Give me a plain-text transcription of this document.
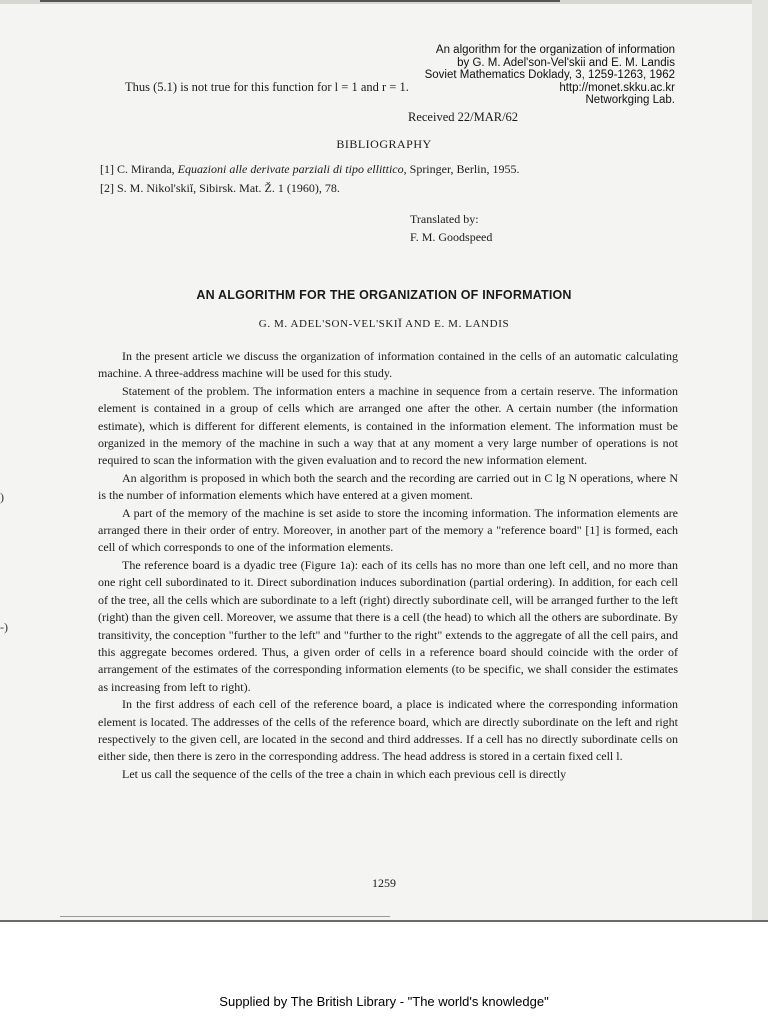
)
-)
An algorithm for the organization of information
by G. M. Adel'son-Vel'skii and E. M. Landis
Soviet Mathematics Doklady, 3, 1259-1263, 1962
http://monet.skku.ac.kr
Networkging Lab.
Thus (5.1) is not true for this function for l = 1 and r = 1.
Received 22/MAR/62
BIBLIOGRAPHY
[1] C. Miranda, Equazioni alle derivate parziali di tipo ellittico, Springer, Berlin, 1955.
[2] S. M. Nikol'skiĭ, Sibirsk. Mat. Ž. 1 (1960), 78.
Translated by:
F. M. Goodspeed
AN ALGORITHM FOR THE ORGANIZATION OF INFORMATION
G. M. ADEL'SON-VEL'SKIĬ AND E. M. LANDIS

In the present article we discuss the organization of information contained in the cells of an automatic calculating machine. A three-address machine will be used for this study.

Statement of the problem. The information enters a machine in sequence from a certain reserve. The information element is contained in a group of cells which are arranged one after the other. A certain number (the information estimate), which is different for different elements, is contained in the information element. The information must be organized in the memory of the machine in such a way that at any moment a very large number of operations is not required to scan the information with the given evaluation and to record the new information element.

An algorithm is proposed in which both the search and the recording are carried out in C lg N operations, where N is the number of information elements which have entered at a given moment.

A part of the memory of the machine is set aside to store the incoming information. The information elements are arranged there in their order of entry. Moreover, in another part of the memory a "reference board" [1] is formed, each cell of which corresponds to one of the information elements.

The reference board is a dyadic tree (Figure 1a): each of its cells has no more than one left cell, and no more than one right cell subordinated to it. Direct subordination induces subordination (partial ordering). In addition, for each cell of the tree, all the cells which are subordinate to a left (right) directly subordinate cell, will be arranged further to the left (right) than the given cell. Moreover, we assume that there is a cell (the head) to which all the others are subordinate. By transitivity, the conception "further to the left" and "further to the right" extends to the aggregate of all the cell pairs, and this aggregate becomes ordered. Thus, a given order of cells in a reference board should coincide with the order of arrangement of the estimates of the corresponding information elements (to be specific, we shall consider the estimates as increasing from left to right).

In the first address of each cell of the reference board, a place is indicated where the corresponding information element is located. The addresses of the cells of the reference board, which are directly subordinate on the left and right respectively to the given cell, are located in the second and third addresses. If a cell has no directly subordinate cells on either side, then there is zero in the corresponding address. The head address is stored in a certain fixed cell l.

Let us call the sequence of the cells of the tree a chain in which each previous cell is directly

1259
Supplied by The British Library - "The world's knowledge"
